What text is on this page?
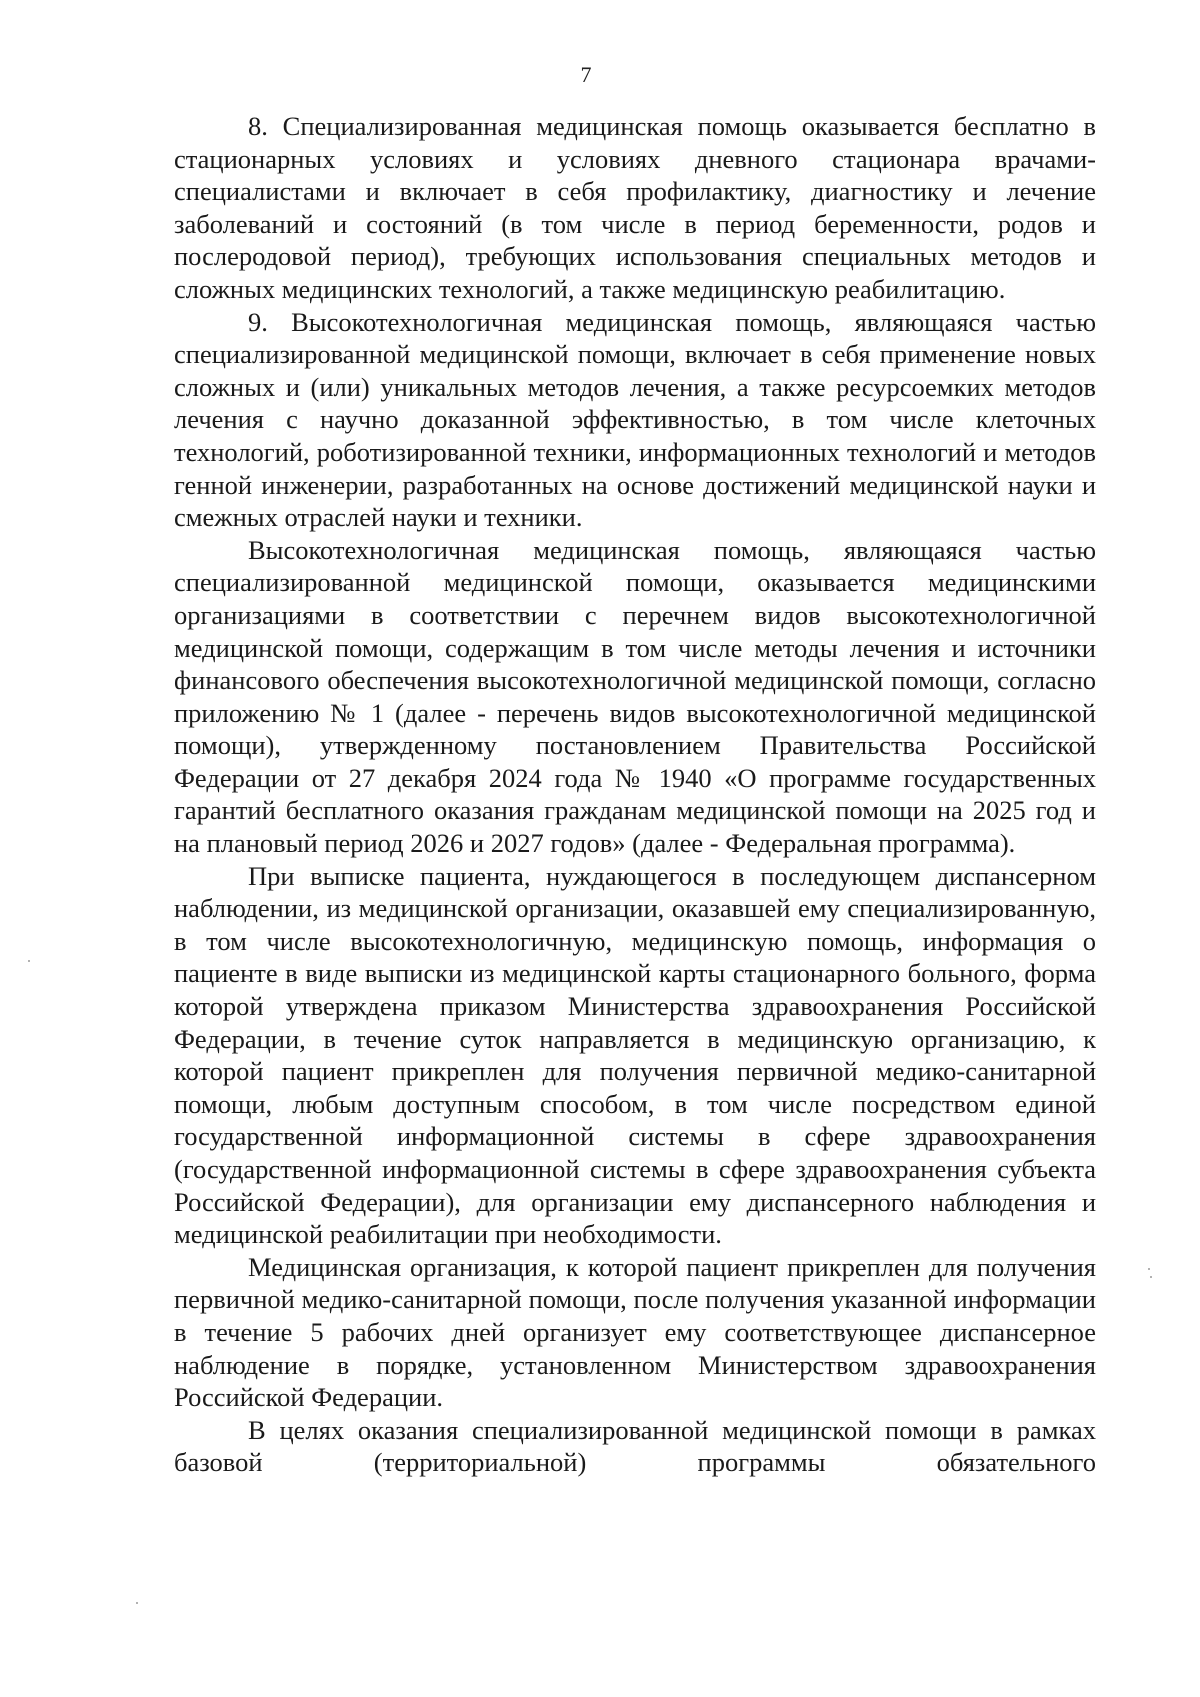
7

8. Специализированная медицинская помощь оказывается бесплатно в стационарных условиях и условиях дневного стационара врачами-специалистами и включает в себя профилактику, диагностику и лечение заболеваний и состояний (в том числе в период беременности, родов и послеродовой период), требующих использования специальных методов и сложных медицинских технологий, а также медицинскую реабилитацию.

9. Высокотехнологичная медицинская помощь, являющаяся частью специализированной медицинской помощи, включает в себя применение новых сложных и (или) уникальных методов лечения, а также ресурсоемких методов лечения с научно доказанной эффективностью, в том числе клеточных технологий, роботизированной техники, информационных технологий и методов генной инженерии, разработанных на основе достижений медицинской науки и смежных отраслей науки и техники.

Высокотехнологичная медицинская помощь, являющаяся частью специализированной медицинской помощи, оказывается медицинскими организациями в соответствии с перечнем видов высокотехнологичной медицинской помощи, содержащим в том числе методы лечения и источники финансового обеспечения высокотехнологичной медицинской помощи, согласно приложению № 1 (далее - перечень видов высокотехнологичной медицинской помощи), утвержденному постановлением Правительства Российской Федерации от 27 декабря 2024 года № 1940 «О программе государственных гарантий бесплатного оказания гражданам медицинской помощи на 2025 год и на плановый период 2026 и 2027 годов» (далее - Федеральная программа).

При выписке пациента, нуждающегося в последующем диспансерном наблюдении, из медицинской организации, оказавшей ему специализированную, в том числе высокотехнологичную, медицинскую помощь, информация о пациенте в виде выписки из медицинской карты стационарного больного, форма которой утверждена приказом Министерства здравоохранения Российской Федерации, в течение суток направляется в медицинскую организацию, к которой пациент прикреплен для получения первичной медико-санитарной помощи, любым доступным способом, в том числе посредством единой государственной информационной системы в сфере здравоохранения (государственной информационной системы в сфере здравоохранения субъекта Российской Федерации), для организации ему диспансерного наблюдения и медицинской реабилитации при необходимости.

Медицинская организация, к которой пациент прикреплен для получения первичной медико-санитарной помощи, после получения указанной информации в течение 5 рабочих дней организует ему соответствующее диспансерное наблюдение в порядке, установленном Министерством здравоохранения Российской Федерации.

В целях оказания специализированной медицинской помощи в рамках базовой (территориальной) программы обязательного
